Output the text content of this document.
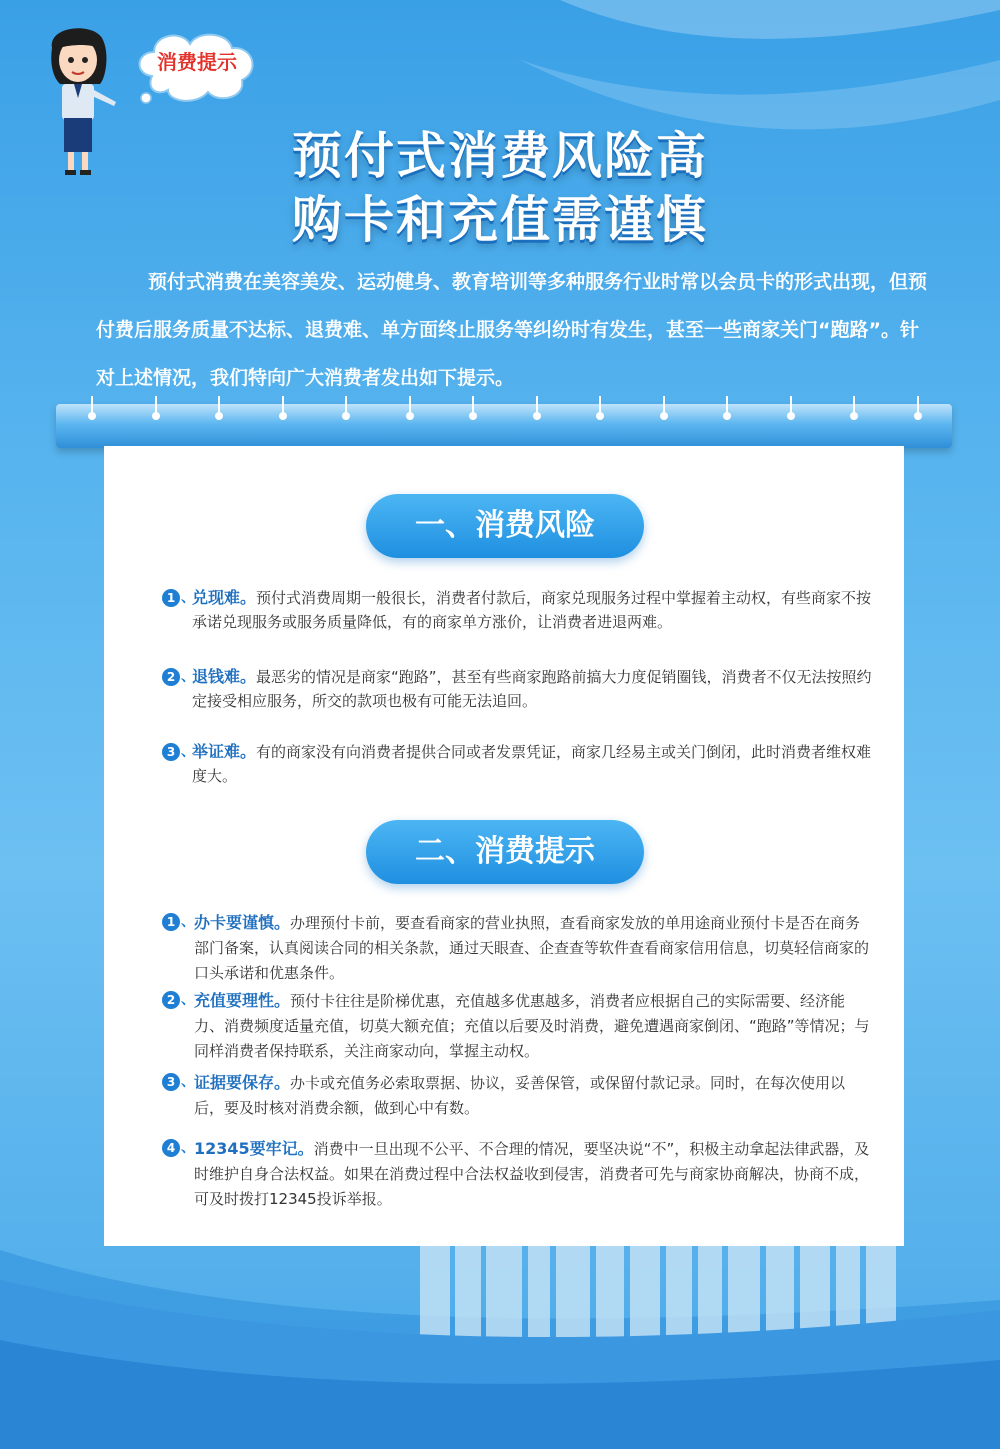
消费提示
预付式消费风险高
购卡和充值需谨慎
预付式消费在美容美发、运动健身、教育培训等多种服务行业时常以会员卡的形式出现，但预付费后服务质量不达标、退费难、单方面终止服务等纠纷时有发生，甚至一些商家关门“跑路”。针对上述情况，我们特向广大消费者发出如下提示。
一、消费风险
1 、
兑现难。预付式消费周期一般很长，消费者付款后，商家兑现服务过程中掌握着主动权，有些商家不按承诺兑现服务或服务质量降低，有的商家单方涨价，让消费者进退两难。
2 、
退钱难。最恶劣的情况是商家“跑路”，甚至有些商家跑路前搞大力度促销圈钱，消费者不仅无法按照约定接受相应服务，所交的款项也极有可能无法追回。
3 、
举证难。有的商家没有向消费者提供合同或者发票凭证，商家几经易主或关门倒闭，此时消费者维权难度大。
二、消费提示
1 、 办卡要谨慎。办理预付卡前，要查看商家的营业执照，查看商家发放的单用途商业预付卡是否在商务部门备案，认真阅读合同的相关条款，通过天眼查、企查查等软件查看商家信用信息，切莫轻信商家的口头承诺和优惠条件。
2 、 充值要理性。预付卡往往是阶梯优惠，充值越多优惠越多，消费者应根据自己的实际需要、经济能力、消费频度适量充值，切莫大额充值；充值以后要及时消费，避免遭遇商家倒闭、“跑路”等情况；与同样消费者保持联系，关注商家动向，掌握主动权。
3 、 证据要保存。办卡或充值务必索取票据、协议，妥善保管，或保留付款记录。同时，在每次使用以后，要及时核对消费余额，做到心中有数。
4 、 12345要牢记。消费中一旦出现不公平、不合理的情况，要坚决说“不”，积极主动拿起法律武器，及时维护自身合法权益。如果在消费过程中合法权益收到侵害，消费者可先与商家协商解决，协商不成，可及时拨打12345投诉举报。
